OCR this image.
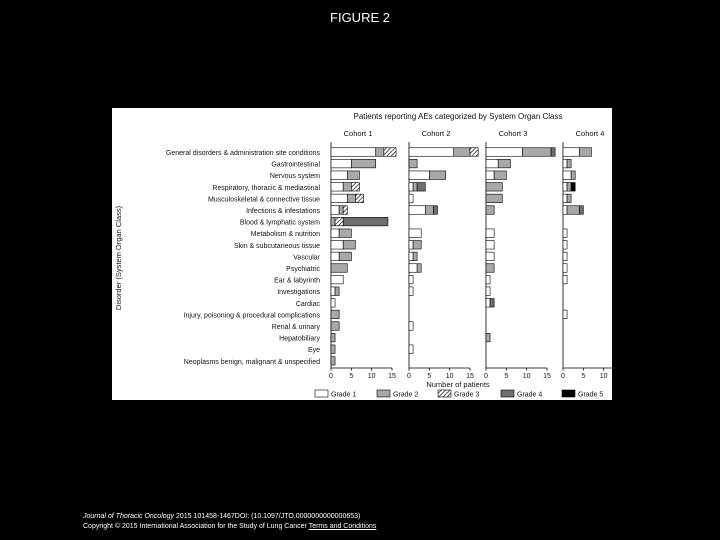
FIGURE 2
Patients reporting AEs categorized by System Organ Class
Disorder (System Organ Class)
General disorders & administration site conditions
Gastrointestinal
Nervous system
Respiratory, thoracic & mediastinal
Musculoskeletal & connective tissue
Infections & infestations
Blood & lymphatic system
Metabolism & nutrition
Skin & subcutaneous tissue
Vascular
Psychiatric
Ear & labyrinth
Investigations
Cardiac
Injury, poisoning & procedural complications
Renal & urinary
Hepatobiliary
Eye
Neoplasms benign, malignant & unspecified
Cohort 1
0 5 10 15
Cohort 2
0 5 10 15
Cohort 3
0 5 10 15
Cohort 4
0 5 10 15
Number of patients
Grade 1	Grade 2	Grade 3	Grade 4	Grade 5
Journal of Thoracic Oncology 2015 101458-1467DOI: (10.1097/JTO.0000000000000653)
Copyright © 2015 International Association for the Study of Lung Cancer Terms and Conditions
